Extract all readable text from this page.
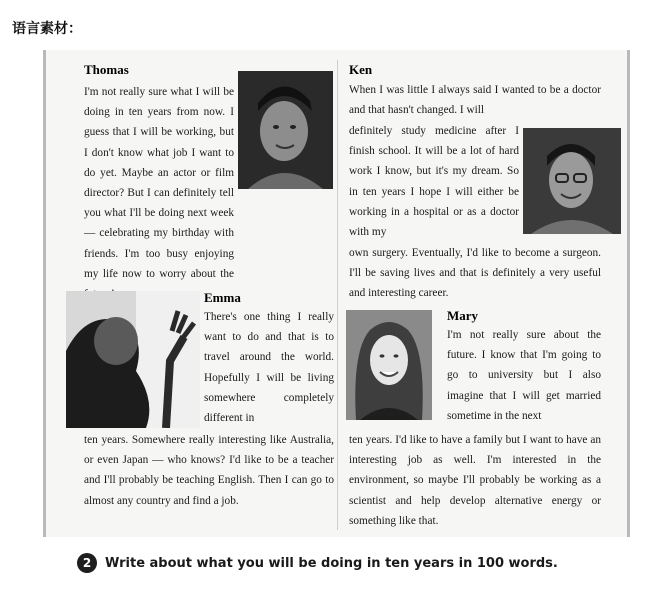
语言素材：
Thomas
I'm not really sure what I will be doing in ten years from now. I guess that I will be working, but I don't know what job I want to do yet. Maybe an actor or film director? But I can definitely tell you what I'll be doing next week — celebrating my birthday with friends. I'm too busy enjoying my life now to worry about the
Ken
When I was little I always said I wanted to be a doctor and that hasn't changed. I will
definitely study medicine after I finish school. It will be a lot of hard work I know, but it's my dream. So in ten years I hope I will either be working in a hospital or as a doctor with my
own surgery. Eventually, I'd like to become a surgeon. I'll be saving lives and that is definitely a very useful and interesting career.
Emma
There's one thing I really want to do and that is to travel around the world. Hopefully I will be living somewhere completely different in
ten years. Somewhere really interesting like Australia, or even Japan — who knows? I'd like to be a teacher and I'll probably be teaching English. Then I can go to almost any country and find a job.
Mary
I'm not really sure about the future. I know that I'm going to go to university but I also imagine that I will get married sometime in the next
ten years. I'd like to have a family but I want to have an interesting job as well. I'm interested in the environment, so maybe I'll probably be working as a scientist and help develop alternative energy or something like that.
2	Write about what you will be doing in ten years in 100 words.
